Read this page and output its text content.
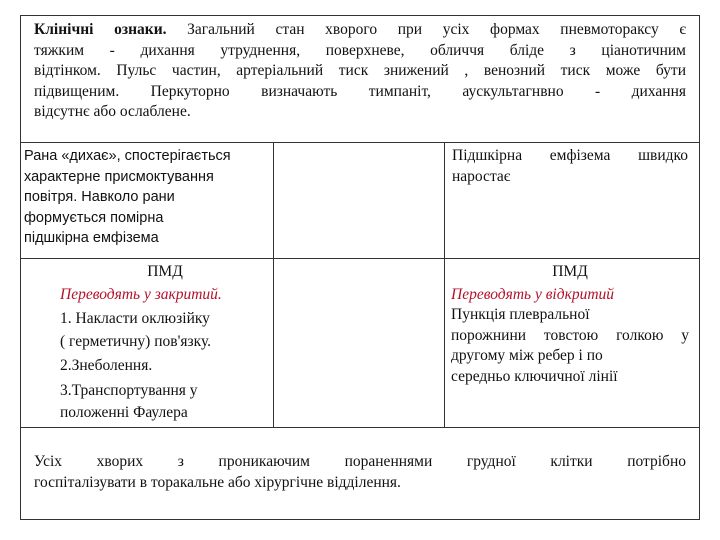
Клінічні ознаки. Загальний стан хворого при усіх формах пневмотораксу є
тяжким - дихання утруднення, поверхневе, обличчя бліде з ціанотичним
відтінком. Пульс частин, артеріальний тиск знижений , венозний тиск може бути
підвищеним. Перкуторно визначають тимпаніт, аускультагнвно - дихання
відсутнє або ослаблене.
Рана «дихає», спостерігається
характерне присмоктування
повітря. Навколо рани
формується помірна
підшкірна емфізема
Підшкірна емфізема швидко
наростає
ПМД
Переводять у закритий.
1. Накласти оклюзійку
( герметичну) пов'язку.
2.Знеболення.
3.Транспортування у
положенні Фаулера
ПМД
Переводять у відкритий
Пункція плевральної
порожнини товстою голкою у
другому між ребер і по
середньо ключичної лінії
Усіх хворих з проникаючим пораненнями грудної клітки потрібно
госпіталізувати в торакальне або хірургічне відділення.
